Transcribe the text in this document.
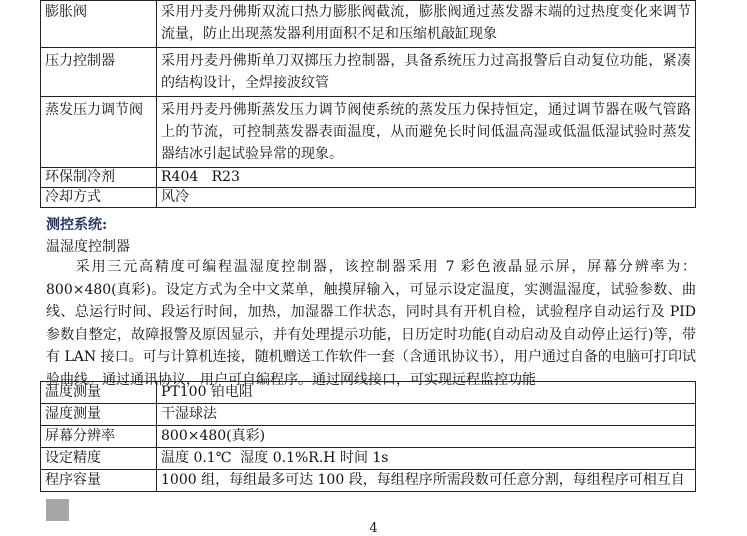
膨胀阀	采用丹麦丹佛斯双流口热力膨胀阀截流，膨胀阀通过蒸发器末端的过热度变化来调节流量，防止出现蒸发器利用面积不足和压缩机敲缸现象
压力控制器	采用丹麦丹佛斯单刀双掷压力控制器，具备系统压力过高报警后自动复位功能，紧凑的结构设计，全焊接波纹管
蒸发压力调节阀	采用丹麦丹佛斯蒸发压力调节阀使系统的蒸发压力保持恒定，通过调节器在吸气管路上的节流，可控制蒸发器表面温度，从而避免长时间低温高湿或低温低湿试验时蒸发器结冰引起试验异常的现象。
环保制冷剂	R404   R23
冷却方式	风冷
测控系统:
温湿度控制器
采用三元高精度可编程温湿度控制器，该控制器采用 7 彩色液晶显示屏，屏幕分辨率为：800×480(真彩)。设定方式为全中文菜单，触摸屏输入，可显示设定温度，实测温湿度，试验参数、曲线、总运行时间、段运行时间，加热，加湿器工作状态，同时具有开机自检，试验程序自动运行及 PID 参数自整定，故障报警及原因显示，并有处理提示功能，日历定时功能(自动启动及自动停止运行)等，带有 LAN 接口。可与计算机连接，随机赠送工作软件一套（含通讯协议书），用户通过自备的电脑可打印试验曲线。通过通讯协议，用户可自编程序。通过网线接口，可实现远程监控功能
温度测量	PT100 铂电阻
湿度测量	干湿球法
屏幕分辨率	800×480(真彩)
设定精度	温度 0.1℃  湿度 0.1%R.H 时间 1s
程序容量	1000 组，每组最多可达 100 段，每组程序所需段数可任意分割，每组程序可相互自
4
